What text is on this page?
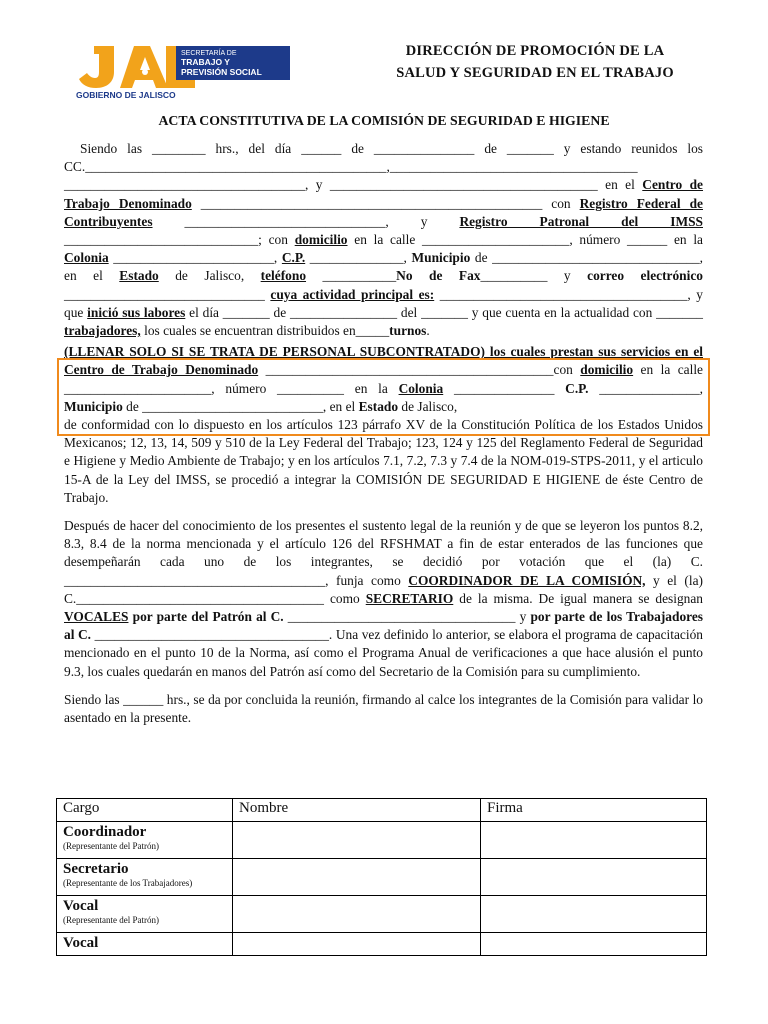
SECRETARÍA DE
TRABAJO Y
PREVISIÓN SOCIAL
GOBIERNO DE JALISCO
DIRECCIÓN DE PROMOCIÓN DE LA
SALUD Y SEGURIDAD EN EL TRABAJO
ACTA CONSTITUTIVA DE LA COMISIÓN DE SEGURIDAD E HIGIENE

Siendo las ________ hrs., del día ______ de _______________ de _______ y estando reunidos los CC._____________________________________________,_____________________________________ ____________________________________, y ________________________________________ en el Centro de Trabajo Denominado ___________________________________________________ con Registro Federal de Contribuyentes ______________________________, y Registro Patronal del IMSS _____________________________; con domicilio en la calle ______________________, número ______ en la Colonia ________________________, C.P. ______________, Municipio de _______________________________, en el Estado de Jalisco, teléfono ___________No de Fax__________ y correo electrónico ______________________________ cuya actividad principal es: _____________________________________, y que inició sus labores el día _______ de ________________ del _______ y que cuenta en la actualidad con _______ trabajadores, los cuales se encuentran distribuidos en_____turnos.

(LLENAR SOLO SI SE TRATA DE PERSONAL SUBCONTRATADO) los cuales prestan sus servicios en el Centro de Trabajo Denominado ___________________________________________con domicilio en la calle ______________________, número __________ en la Colonia _______________ C.P. _______________, Municipio de ___________________________, en el Estado de Jalisco,

de conformidad con lo dispuesto en los artículos 123 párrafo XV de la Constitución Política de los Estados Unidos Mexicanos; 12, 13, 14, 509 y 510 de la Ley Federal del Trabajo; 123, 124 y 125 del Reglamento Federal de Seguridad e Higiene y Medio Ambiente de Trabajo; y en los artículos 7.1, 7.2, 7.3 y 7.4 de la NOM-019-STPS-2011, y el articulo 15-A de la Ley del IMSS, se procedió a integrar la COMISIÓN DE SEGURIDAD E HIGIENE de éste Centro de Trabajo.

Después de hacer del conocimiento de los presentes el sustento legal de la reunión y de que se leyeron los puntos 8.2, 8.3, 8.4 de la norma mencionada y el artículo 126 del RFSHMAT a fin de estar enterados de las funciones que desempeñarán cada uno de los integrantes, se decidió por votación que el (la) C. _______________________________________, funja como COORDINADOR DE LA COMISIÓN, y el (la) C._____________________________________ como SECRETARIO de la misma. De igual manera se designan VOCALES por parte del Patrón al C. __________________________________ y por parte de los Trabajadores al C. ___________________________________. Una vez definido lo anterior, se elabora el programa de capacitación mencionado en el punto 10 de la Norma, así como el Programa Anual de verificaciones a que hace alusión el punto 9.3, los cuales quedarán en manos del Patrón así como del Secretario de la Comisión para su cumplimiento.

Siendo las ______ hrs., se da por concluida la reunión, firmando al calce los integrantes de la Comisión para validar lo asentado en la presente.

Cargo	Nombre	Firma

Coordinador
(Representante del Patrón)		

Secretario
(Representante de los Trabajadores)		

Vocal
(Representante del Patrón)		

Vocal		
